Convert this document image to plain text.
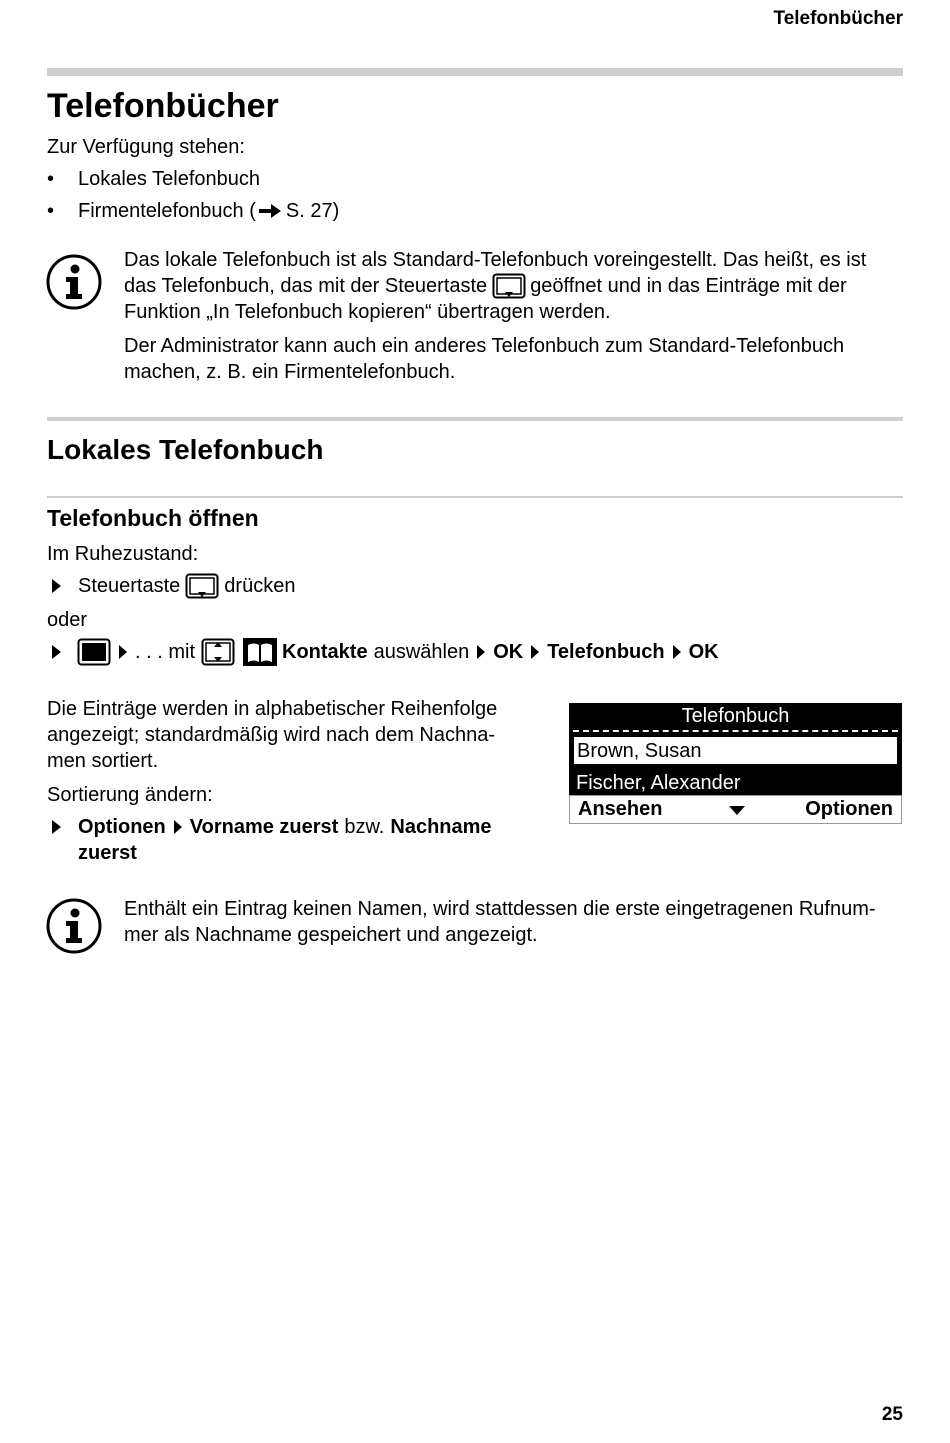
Telefonbücher
Telefonbücher
Zur Verfügung stehen:
• Lokales Telefonbuch
• Firmentelefonbuch ( S. 27)
Das lokale Telefonbuch ist als Standard-Telefonbuch voreingestellt. Das heißt, es ist
das Telefonbuch, das mit der Steuertaste geöffnet und in das Einträge mit der
Funktion „In Telefonbuch kopieren“ übertragen werden.
Der Administrator kann auch ein anderes Telefonbuch zum Standard-Telefonbuch
machen, z. B. ein Firmentelefonbuch.
Lokales Telefonbuch
Telefonbuch öffnen
Im Ruhezustand:
Steuertaste drücken
oder
. . . mit	Kontakte auswählen OK Telefonbuch OK
Die Einträge werden in alphabetischer Reihenfolge
angezeigt; standardmäßig wird nach dem Nachna-
men sortiert.
Sortierung ändern:
Optionen Vorname zuerst bzw. Nachname
zuerst
Telefonbuch
Brown, Susan
Fischer, Alexander
Ansehen	Optionen
Enthält ein Eintrag keinen Namen, wird stattdessen die erste eingetragenen Rufnum-
mer als Nachname gespeichert und angezeigt.
25
